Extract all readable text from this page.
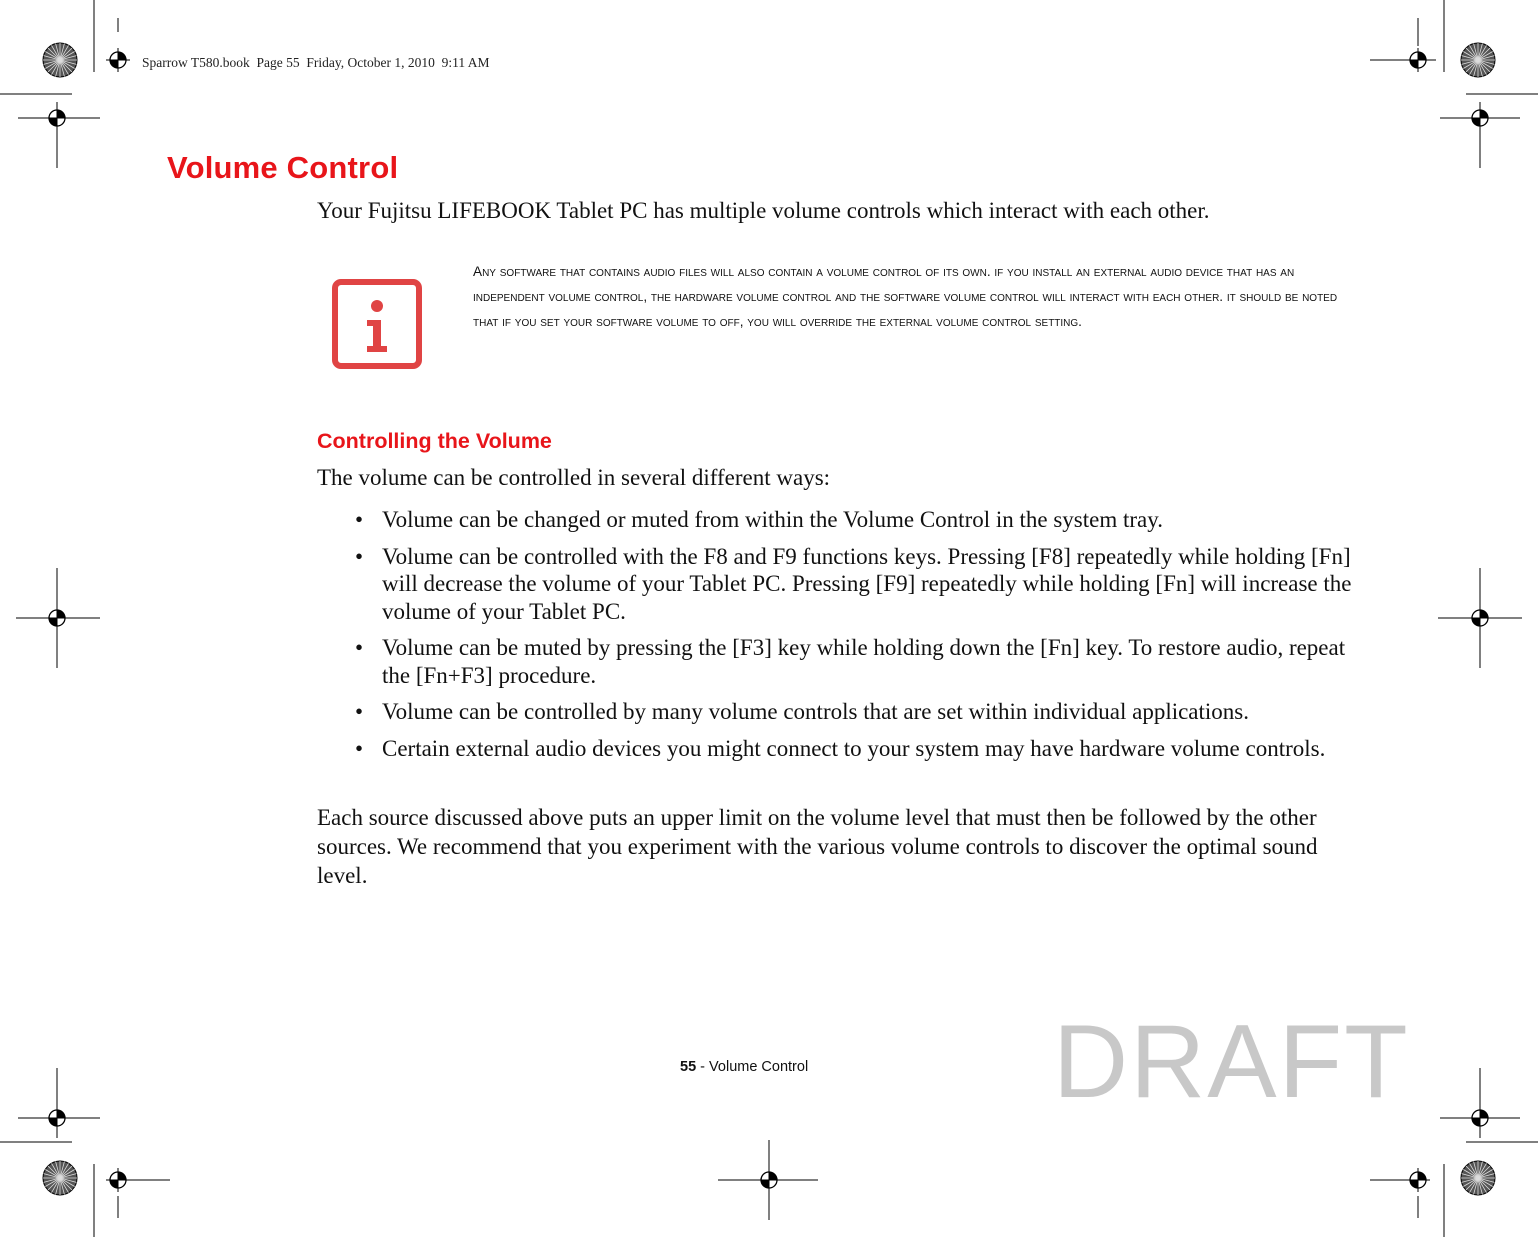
Sparrow T580.book  Page 55  Friday, October 1, 2010  9:11 AM
Volume Control

Your Fujitsu LIFEBOOK Tablet PC has multiple volume controls which interact with each other.

Any software that contains audio files will also contain a volume control of its own. if you install an external audio device that has an independent volume control, the hardware volume control and the software volume control will interact with each other. it should be noted that if you set your software volume to off, you will override the external volume control setting.

Controlling the Volume

The volume can be controlled in several different ways:

• Volume can be changed or muted from within the Volume Control in the system tray.
• Volume can be controlled with the F8 and F9 functions keys. Pressing [F8] repeatedly while holding [Fn] will decrease the volume of your Tablet PC. Pressing [F9] repeatedly while holding [Fn] will increase the volume of your Tablet PC.
• Volume can be muted by pressing the [F3] key while holding down the [Fn] key. To restore audio, repeat the [Fn+F3] procedure.
• Volume can be controlled by many volume controls that are set within individual applications.
• Certain external audio devices you might connect to your system may have hardware volume controls.

Each source discussed above puts an upper limit on the volume level that must then be followed by the other sources. We recommend that you experiment with the various volume controls to discover the optimal sound level.

55 - Volume Control DRAFT
